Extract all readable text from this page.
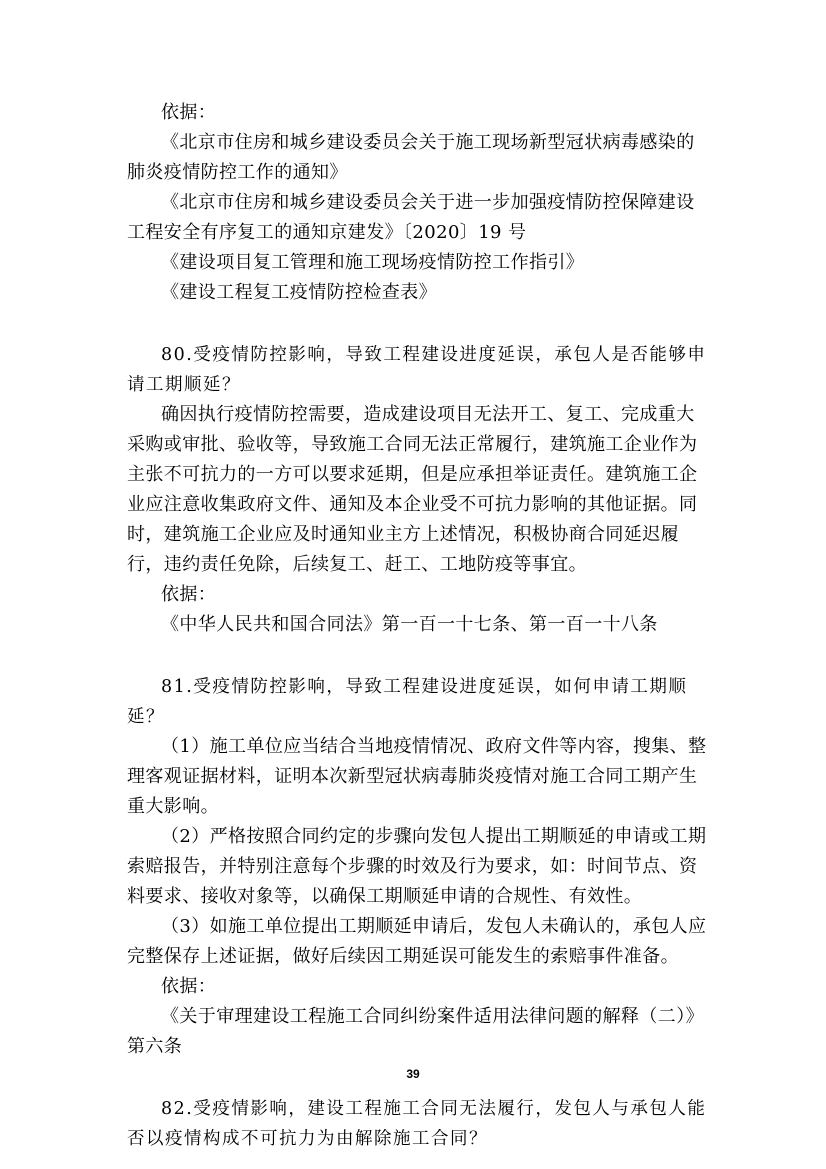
依据：

《北京市住房和城乡建设委员会关于施工现场新型冠状病毒感染的肺炎疫情防控工作的通知》

《北京市住房和城乡建设委员会关于进一步加强疫情防控保障建设工程安全有序复工的通知京建发》〔2020〕19 号

《建设项目复工管理和施工现场疫情防控工作指引》

《建设工程复工疫情防控检查表》

80.受疫情防控影响，导致工程建设进度延误，承包人是否能够申请工期顺延？

确因执行疫情防控需要，造成建设项目无法开工、复工、完成重大采购或审批、验收等，导致施工合同无法正常履行，建筑施工企业作为主张不可抗力的一方可以要求延期，但是应承担举证责任。建筑施工企业应注意收集政府文件、通知及本企业受不可抗力影响的其他证据。同时，建筑施工企业应及时通知业主方上述情况，积极协商合同延迟履行，违约责任免除，后续复工、赶工、工地防疫等事宜。

依据：

《中华人民共和国合同法》第一百一十七条、第一百一十八条

81.受疫情防控影响，导致工程建设进度延误，如何申请工期顺延？

（1）施工单位应当结合当地疫情情况、政府文件等内容，搜集、整理客观证据材料，证明本次新型冠状病毒肺炎疫情对施工合同工期产生重大影响。

（2）严格按照合同约定的步骤向发包人提出工期顺延的申请或工期索赔报告，并特别注意每个步骤的时效及行为要求，如：时间节点、资料要求、接收对象等，以确保工期顺延申请的合规性、有效性。

（3）如施工单位提出工期顺延申请后，发包人未确认的，承包人应完整保存上述证据，做好后续因工期延误可能发生的索赔事件准备。

依据：

《关于审理建设工程施工合同纠纷案件适用法律问题的解释（二）》第六条

82.受疫情影响，建设工程施工合同无法履行，发包人与承包人能否以疫情构成不可抗力为由解除施工合同？

39
